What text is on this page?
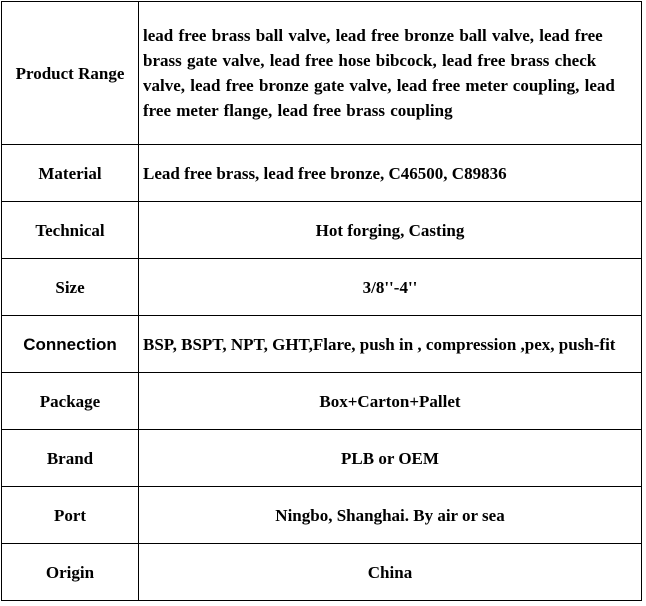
Product Range	lead free brass ball valve, lead free bronze ball valve, lead free brass gate valve, lead free hose bibcock, lead free brass check valve, lead free bronze gate valve, lead free meter coupling, lead free meter flange, lead free brass coupling
Material	Lead free brass, lead free bronze, C46500, C89836
Technical	Hot forging, Casting
Size	3/8''-4''
Connection	BSP, BSPT, NPT, GHT,Flare, push in , compression ,pex, push-fit
Package	Box+Carton+Pallet
Brand	PLB or OEM
Port	Ningbo, Shanghai. By air or sea
Origin	China
